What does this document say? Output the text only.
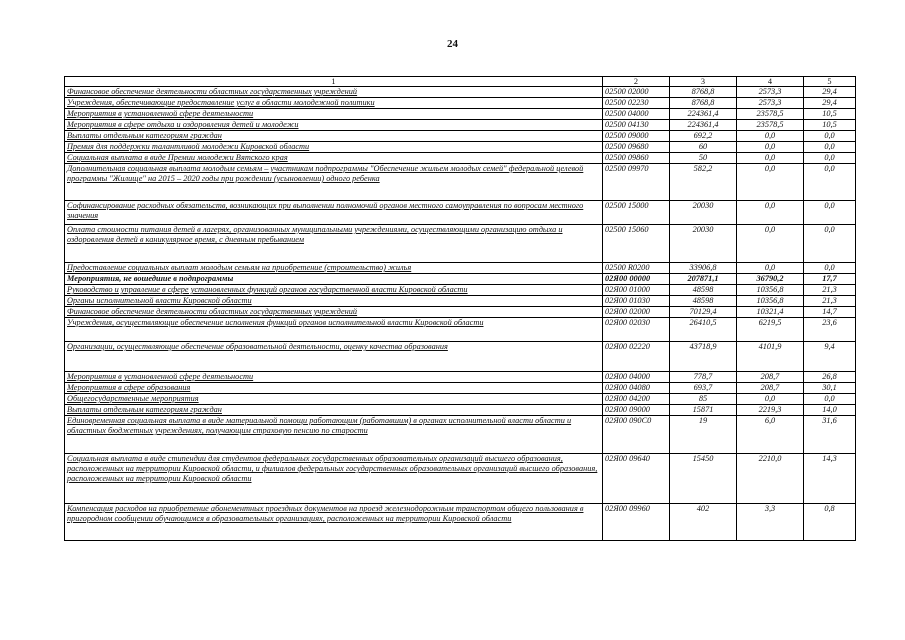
24
1	2	3	4	5
Финансовое обеспечение деятельности областных государственных учреждений	02500 02000	8768,8	2573,3	29,4
Учреждения, обеспечивающие предоставление услуг в области молодежной политики	02500 02230	8768,8	2573,3	29,4
Мероприятия в установленной сфере деятельности	02500 04000	224361,4	23578,5	10,5
Мероприятия в сфере отдыха и оздоровления детей и молодежи	02500 04130	224361,4	23578,5	10,5
Выплаты отдельным категориям граждан	02500 09000	692,2	0,0	0,0
Премия для поддержки талантливой молодежи Кировской области	02500 09680	60	0,0	0,0
Социальная выплата в виде Премии молодежи Вятского края	02500 09860	50	0,0	0,0
Дополнительная социальная выплата молодым семьям – участникам подпрограммы "Обеспечение жильем молодых семей" федеральной целевой программы "Жилище" на 2015 – 2020 годы при рождении (усыновлении) одного ребенка	02500 09970	582,2	0,0	0,0
Софинансирование расходных обязательств, возникающих при выполнении полномочий органов местного самоуправления по вопросам местного значения	02500 15000	20030	0,0	0,0
Оплата стоимости питания детей в лагерях, организованных муниципальными учреждениями, осуществляющими организацию отдыха и оздоровления детей в каникулярное время, с дневным пребыванием	02500 15060	20030	0,0	0,0
Предоставление социальных выплат молодым семьям на приобретение (строительство) жилья	02500 R0200	33906,8	0,0	0,0
Мероприятия, не вошедшие в подпрограммы	02Я00 00000	207871,1	36790,2	17,7
Руководство и управление в сфере установленных функций органов государственной власти Кировской области	02Я00 01000	48598	10356,8	21,3
Органы исполнительной власти Кировской области	02Я00 01030	48598	10356,8	21,3
Финансовое обеспечение деятельности областных государственных учреждений	02Я00 02000	70129,4	10321,4	14,7
Учреждения, осуществляющие обеспечение исполнения функций органов исполнительной власти Кировской области	02Я00 02030	26410,5	6219,5	23,6
Организации, осуществляющие обеспечение образовательной деятельности, оценку качества образования	02Я00 02220	43718,9	4101,9	9,4
Мероприятия в установленной сфере деятельности	02Я00 04000	778,7	208,7	26,8
Мероприятия в сфере образования	02Я00 04080	693,7	208,7	30,1
Общегосударственные мероприятия	02Я00 04200	85	0,0	0,0
Выплаты отдельным категориям граждан	02Я00 09000	15871	2219,3	14,0
Единовременная социальная выплата в виде материальной помощи работающим (работавшим) в органах исполнительной власти области и областных бюджетных учреждениях, получающим страховую пенсию по старости	02Я00 090С0	19	6,0	31,6
Социальная выплата в виде стипендии для студентов федеральных государственных образовательных организаций высшего образования, расположенных на территории Кировской области, и филиалов федеральных государственных образовательных организаций высшего образования, расположенных на территории Кировской области	02Я00 09640	15450	2210,0	14,3
Компенсация расходов на приобретение абонементных проездных документов на проезд железнодорожным транспортом общего пользования в пригородном сообщении обучающимся в образовательных организациях, расположенных на территории Кировской области	02Я00 09960	402	3,3	0,8
